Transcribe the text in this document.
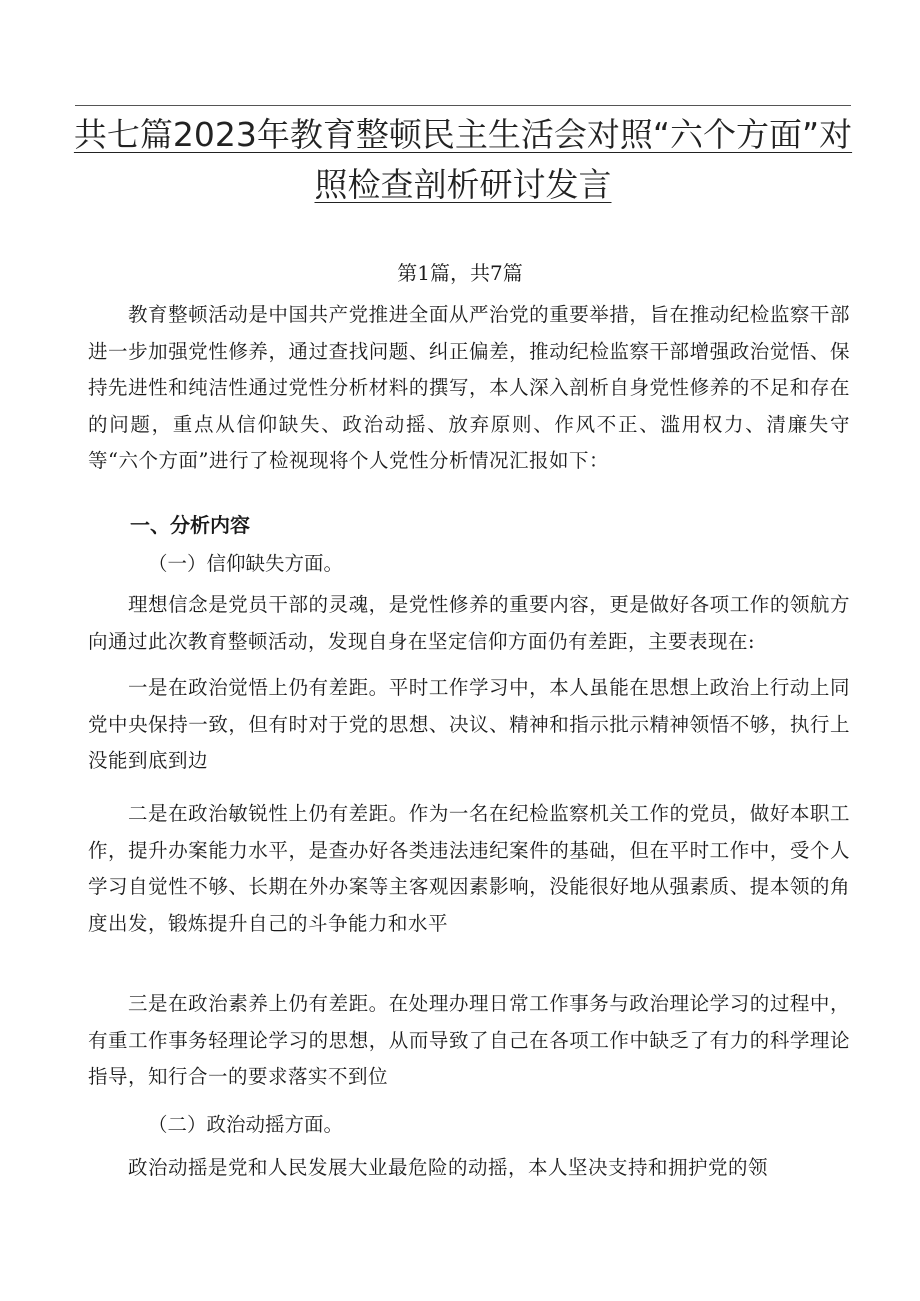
共七篇2023年教育整顿民主生活会对照“六个方面”对
照检查剖析研讨发言
第1篇，共7篇

教育整顿活动是中国共产党推进全面从严治党的重要举措，旨在推动纪检监察干部进一步加强党性修养，通过查找问题、纠正偏差，推动纪检监察干部增强政治觉悟、保持先进性和纯洁性通过党性分析材料的撰写，本人深入剖析自身党性修养的不足和存在的问题，重点从信仰缺失、政治动摇、放弃原则、作风不正、滥用权力、清廉失守等“六个方面”进行了检视现将个人党性分析情况汇报如下：

一、分析内容

（一）信仰缺失方面。

理想信念是党员干部的灵魂，是党性修养的重要内容，更是做好各项工作的领航方向通过此次教育整顿活动，发现自身在坚定信仰方面仍有差距，主要表现在:

一是在政治觉悟上仍有差距。平时工作学习中，本人虽能在思想上政治上行动上同党中央保持一致，但有时对于党的思想、决议、精神和指示批示精神领悟不够，执行上没能到底到边

二是在政治敏锐性上仍有差距。作为一名在纪检监察机关工作的党员，做好本职工作，提升办案能力水平，是查办好各类违法违纪案件的基础，但在平时工作中，受个人学习自觉性不够、长期在外办案等主客观因素影响，没能很好地从强素质、提本领的角度出发，锻炼提升自己的斗争能力和水平

三是在政治素养上仍有差距。在处理办理日常工作事务与政治理论学习的过程中，有重工作事务轻理论学习的思想，从而导致了自己在各项工作中缺乏了有力的科学理论指导，知行合一的要求落实不到位

（二）政治动摇方面。

政治动摇是党和人民发展大业最危险的动摇，本人坚决支持和拥护党的领
